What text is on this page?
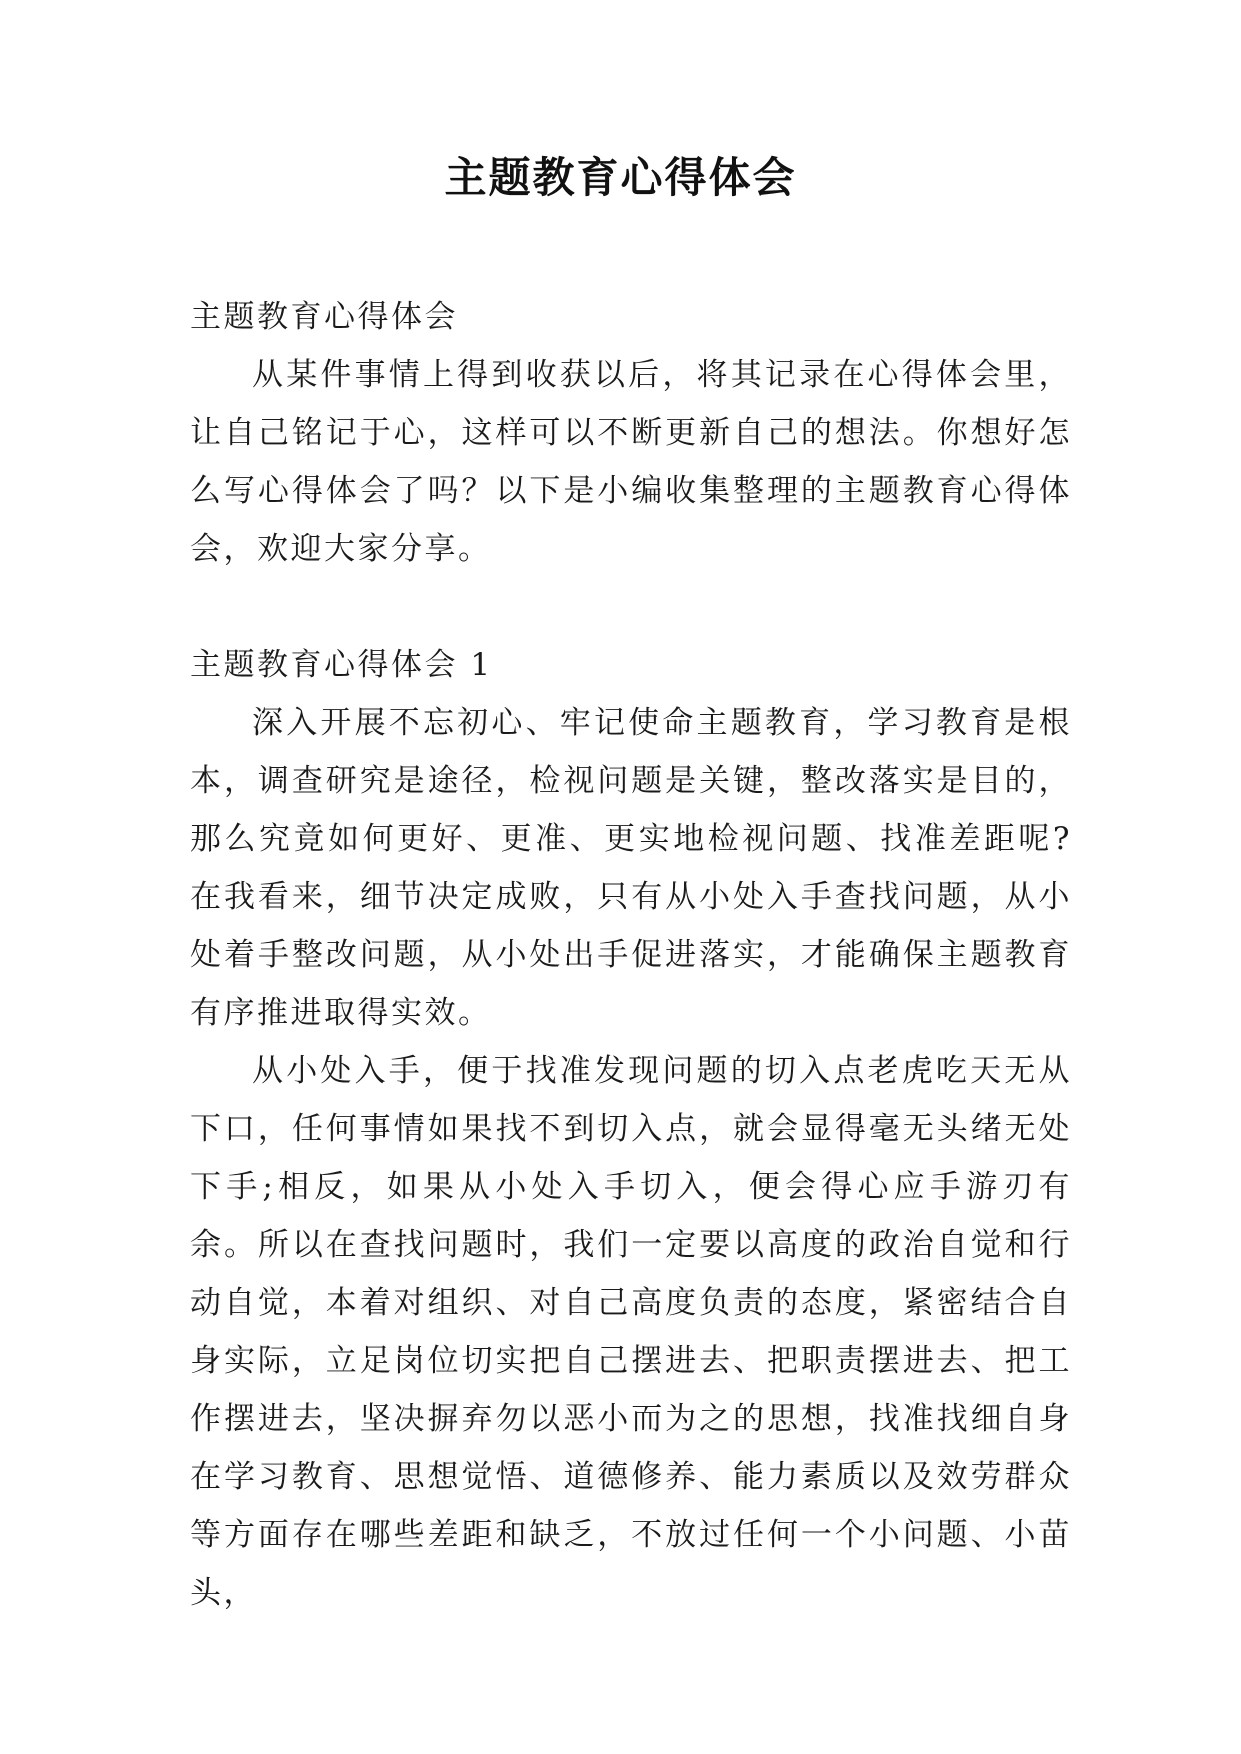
主题教育心得体会

主题教育心得体会

从某件事情上得到收获以后，将其记录在心得体会里，让自己铭记于心，这样可以不断更新自己的想法。你想好怎么写心得体会了吗？以下是小编收集整理的主题教育心得体会，欢迎大家分享。

主题教育心得体会 1

深入开展不忘初心、牢记使命主题教育，学习教育是根本，调查研究是途径，检视问题是关键，整改落实是目的，那么究竟如何更好、更准、更实地检视问题、找准差距呢?在我看来，细节决定成败，只有从小处入手查找问题，从小处着手整改问题，从小处出手促进落实，才能确保主题教育有序推进取得实效。

从小处入手，便于找准发现问题的切入点老虎吃天无从下口，任何事情如果找不到切入点，就会显得毫无头绪无处下手;相反，如果从小处入手切入，便会得心应手游刃有余。所以在查找问题时，我们一定要以高度的政治自觉和行动自觉，本着对组织、对自己高度负责的态度，紧密结合自身实际，立足岗位切实把自己摆进去、把职责摆进去、把工作摆进去，坚决摒弃勿以恶小而为之的思想，找准找细自身在学习教育、思想觉悟、道德修养、能力素质以及效劳群众等方面存在哪些差距和缺乏，不放过任何一个小问题、小苗头，
